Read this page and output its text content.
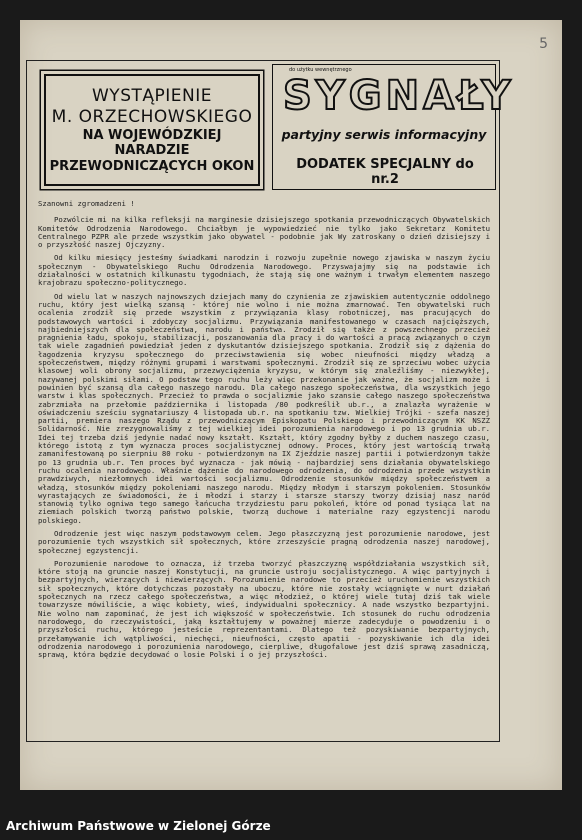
5
WYSTĄPIENIE
M. ORZECHOWSKIEGO
NA WOJEWÓDZKIEJ NARADZIE
PRZEWODNICZĄCYCH OKON
do użytku wewnętrznego
SYGNAŁY
partyjny serwis informacyjny
DODATEK SPECJALNY do nr.2

Szanowni zgromadzeni !

Pozwólcie mi na kilka refleksji na marginesie dzisiejszego spotkania przewodniczących Obywatelskich Komitetów Odrodzenia Narodowego. Chciałbym je wypowiedzieć nie tylko jako Sekretarz Komitetu Centralnego PZPR ale przede wszystkim jako obywatel - podobnie jak Wy zatroskany o dzień dzisiejszy i o przyszłość naszej Ojczyzny.

Od kilku miesięcy jesteśmy świadkami narodzin i rozwoju zupełnie nowego zjawiska w naszym życiu społecznym - Obywatelskiego Ruchu Odrodzenia Narodowego. Przyswajajmy się na podstawie ich działalności w ostatnich kilkunastu tygodniach, że stają się one ważnym i trwałym elementem naszego krajobrazu społeczno-politycznego.

Od wielu lat w naszych najnowszych dziejach mamy do czynienia ze zjawiskiem autentycznie oddolnego ruchu, który jest wielką szansą - której nie wolno i nie można zmarnować. Ten obywatelski ruch ocalenia zrodził się przede wszystkim z przywiązania klasy robotniczej, mas pracujących do podstawowych wartości i zdobyczy socjalizmu. Przywiązania manifestowanego w czasach najcięższych, najbiedniejszych dla społeczeństwa, narodu i państwa. Zrodził się także z powszechnego przecież pragnienia ładu, spokoju, stabilizacji, poszanowania dla pracy i do wartości a pracą związanych o czym tak wiele zagadnień powiedział jeden z dyskutantów dzisiejszego spotkania. Zrodził się z dążenia do łagodzenia kryzysu społecznego do przeciwstawienia się wobec nieufności między władzą a społeczeństwem, między różnymi grupami i warstwami społecznymi. Zrodził się ze sprzeciwu wobec użycia klasowej woli obrony socjalizmu, przezwyciężenia kryzysu, w którym się znaleźliśmy - niezwykłej, nazywanej polskimi siłami. O podstaw tego ruchu leży więc przekonanie jak ważne, że socjalizm może i powinien być szansą dla całego naszego narodu. Dla całego naszego społeczeństwa, dla wszystkich jego warstw i klas społecznych. Przecież to prawda o socjalizmie jako szansie całego naszego społeczeństwa zabrzmiała na przełomie października i listopada /80 podkreślił ub.r., a znalazła wyrażenie w oświadczeniu sześciu sygnatariuszy 4 listopada ub.r. na spotkaniu tzw. Wielkiej Trójki - szefa naszej partii, premiera naszego Rządu z przewodniczącym Episkopatu Polskiego i przewodniczącym KK NSZZ Solidarność. Nie zrezygnowaliśmy z tej wielkiej idei porozumienia narodowego i po 13 grudnia ub.r. Idei tej trzeba dziś jedynie nadać nowy kształt. Kształt, który zgodny byłby z duchem naszego czasu, którego istotą z tym wyznacza proces socjalistycznej odnowy. Proces, który jest wartością trwałą zamanifestowaną po sierpniu 80 roku - potwierdzonym na IX Zjeździe naszej partii i potwierdzonym także po 13 grudnia ub.r. Ten proces być wyznacza - jak mówią - najbardziej sens działania obywatelskiego ruchu ocalenia narodowego. Właśnie dążenie do narodowego odrodzenia, do odrodzenia przede wszystkim prawdziwych, niezłomnych idei wartości socjalizmu. Odrodzenie stosunków między społeczeństwem a władzą, stosunków między pokoleniami naszego narodu. Między młodym i starszym pokoleniem. Stosunków wyrastających ze świadomości, że i młodzi i starzy i starsze starszy tworzy dzisiaj nasz naród stanowią tylko ogniwa tego samego łańcucha trzydziestu paru pokoleń, które od ponad tysiąca lat na ziemiach polskich tworzą państwo polskie, tworzą duchowe i materialne razy egzystencji narodu polskiego.

Odrodzenie jest więc naszym podstawowym celem. Jego płaszczyzną jest porozumienie narodowe, jest porozumienie tych wszystkich sił społecznych, które zrzeszyście pragną odrodzenia naszej narodowej, społecznej egzystencji.

Porozumienie narodowe to oznacza, iż trzeba tworzyć płaszczyznę współdziałania wszystkich sił, które stoją na gruncie naszej Konstytucji, na gruncie ustroju socjalistycznego. A więc partyjnych i bezpartyjnych, wierzących i niewierzących. Porozumienie narodowe to przecież uruchomienie wszystkich sił społecznych, które dotychczas pozostały na uboczu, które nie zostały wciągnięte w nurt działań społecznych na rzecz całego społeczeństwa, a więc młodzież, o której wiele tutaj dziś tak wiele towarzysze mówiliście, a więc kobiety, wieś, indywidualni społecznicy. A nade wszystko bezpartyjni. Nie wolno nam zapominać, że jest ich większość w społeczeństwie. Ich stosunek do ruchu odrodzenia narodowego, do rzeczywistości, jaką kształtujemy w poważnej mierze zadecyduje o powodzeniu i o przyszłości ruchu, którego jesteście reprezentantami. Dlatego też pozyskiwanie bezpartyjnych, przełamywanie ich wątpliwości, niechęci, nieufności, często apatii - pozyskiwanie ich dla idei odrodzenia narodowego i porozumienia narodowego, cierpliwe, długofalowe jest dziś sprawą zasadniczą, sprawą, która będzie decydować o losie Polski i o jej przyszłości.

Archiwum Państwowe w Zielonej Górze
